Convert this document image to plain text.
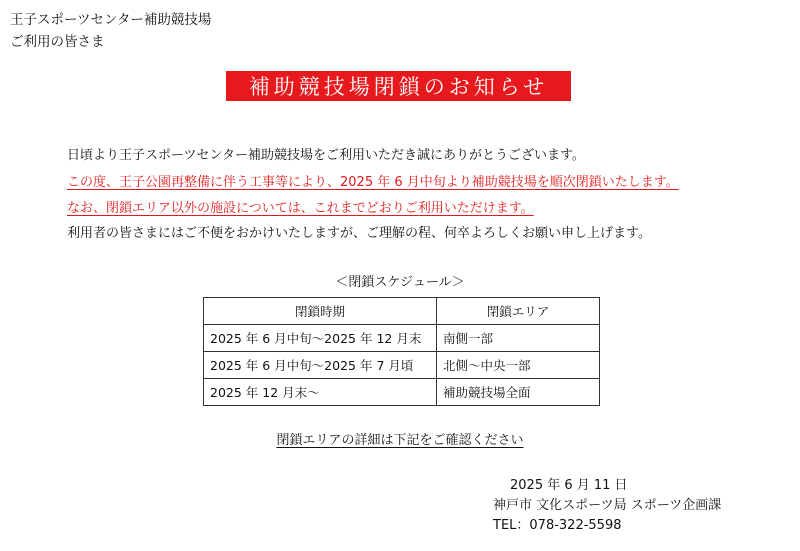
王子スポーツセンター補助競技場
ご利用の皆さま
補助競技場閉鎖のお知らせ
日頃より王子スポーツセンター補助競技場をご利用いただき誠にありがとうございます。
この度、王子公園再整備に伴う工事等により、2025 年 6 月中旬より補助競技場を順次閉鎖いたします。
なお、閉鎖エリア以外の施設については、これまでどおりご利用いただけます。
利用者の皆さまにはご不便をおかけいたしますが、ご理解の程、何卒よろしくお願い申し上げます。
＜閉鎖スケジュール＞
閉鎖時期	閉鎖エリア
2025 年 6 月中旬～2025 年 12 月末	南側一部
2025 年 6 月中旬～2025 年 7 月頃	北側～中央一部
2025 年 12 月末～	補助競技場全面
閉鎖エリアの詳細は下記をご確認ください
2025 年 6 月 11 日
神戸市 文化スポーツ局 スポーツ企画課
TEL：078-322-5598
